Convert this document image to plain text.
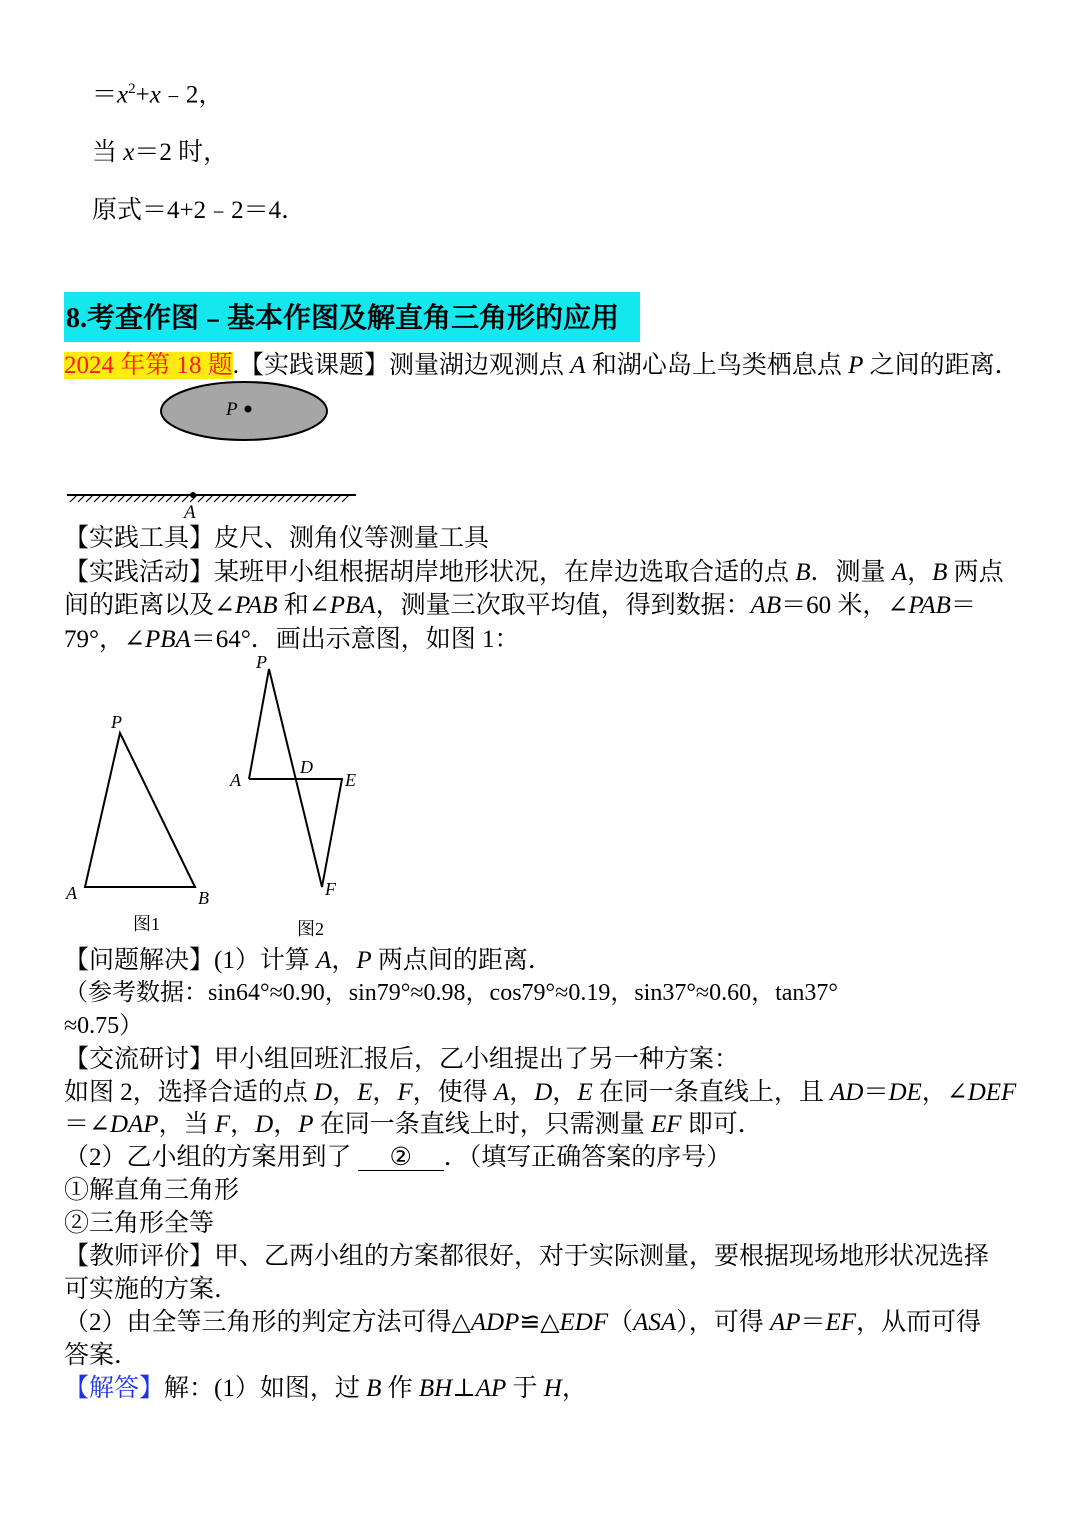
$=x^2+x﹣2$，
当 x＝2 时，
原式＝4+2﹣2＝4．
8.考查作图﹣基本作图及解直角三角形的应用
2024 年第 18 题.【实践课题】测量湖边观测点 A 和湖心岛上鸟类栖息点 P 之间的距离．
P
A
P
A	B
图1
P
A
D
E
F
图2
【实践工具】皮尺、测角仪等测量工具
【实践活动】某班甲小组根据胡岸地形状况，在岸边选取合适的点 B．测量 A，B 两点
间的距离以及∠PAB 和∠PBA，测量三次取平均值，得到数据：AB＝60 米，∠PAB＝
79°，∠PBA＝64°．画出示意图，如图 1：
【问题解决】(1）计算 A，P 两点间的距离．
（参考数据：sin64°≈0.90，sin79°≈0.98，cos79°≈0.19，sin37°≈0.60，tan37°
≈0.75）
【交流研讨】甲小组回班汇报后，乙小组提出了另一种方案：
如图 2，选择合适的点 D，E，F，使得 A，D，E 在同一条直线上，且 AD＝DE，∠DEF
＝∠DAP，当 F，D，P 在同一条直线上时，只需测量 EF 即可．
（2）乙小组的方案用到了 ② ．（填写正确答案的序号）
①解直角三角形
②三角形全等
【教师评价】甲、乙两小组的方案都很好，对于实际测量，要根据现场地形状况选择
可实施的方案．
（2）由全等三角形的判定方法可得△ADP≌△EDF（ASA），可得 AP＝EF，从而可得
答案．
【解答】解：(1）如图，过 B 作 BH⊥AP 于 H，
